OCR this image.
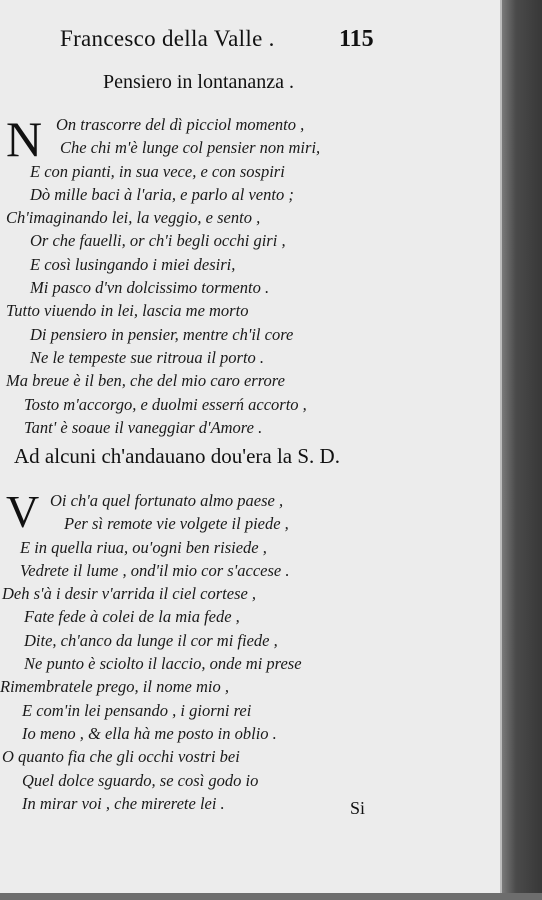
Francesco della Valle .	115
Pensiero in lontananza .
N On trascorre del dì picciol momento ,
Che chi m'è lunge col pensier non miri,
E con pianti, in sua vece, e con sospiri
Dò mille baci à l'aria, e parlo al vento ;
Ch'imaginando lei, la veggio, e sento ,
Or che fauelli, or ch'i begli occhi giri ,
E così lusingando i miei desiri,
Mi pasco d'vn dolcissimo tormento .
Tutto viuendo in lei, lascia me morto
Di pensiero in pensier, mentre ch'il core
Ne le tempeste sue ritroua il porto .
Ma breue è il ben, che del mio caro errore
Tosto m'accorgo, e duolmi esserń accorto ,
Tant' è soaue il vaneggiar d'Amore .
Ad alcuni ch'andauano dou'era la S. D.
V Oi ch'a quel fortunato almo paese ,
Per sì remote vie volgete il piede ,
E in quella riua, ou'ogni ben risiede ,
Vedrete il lume , ond'il mio cor s'accese .
Deh s'à i desir v'arrida il ciel cortese ,
Fate fede à colei de la mia fede ,
Dite, ch'anco da lunge il cor mi fiede ,
Ne punto è sciolto il laccio, onde mi prese
Rimembratele prego, il nome mio ,
E com'in lei pensando , i giorni rei
Io meno , & ella hà me posto in oblio .
O quanto fia che gli occhi vostri bei
Quel dolce sguardo, se così godo io
In mirar voi , che mirerete lei .	Si
